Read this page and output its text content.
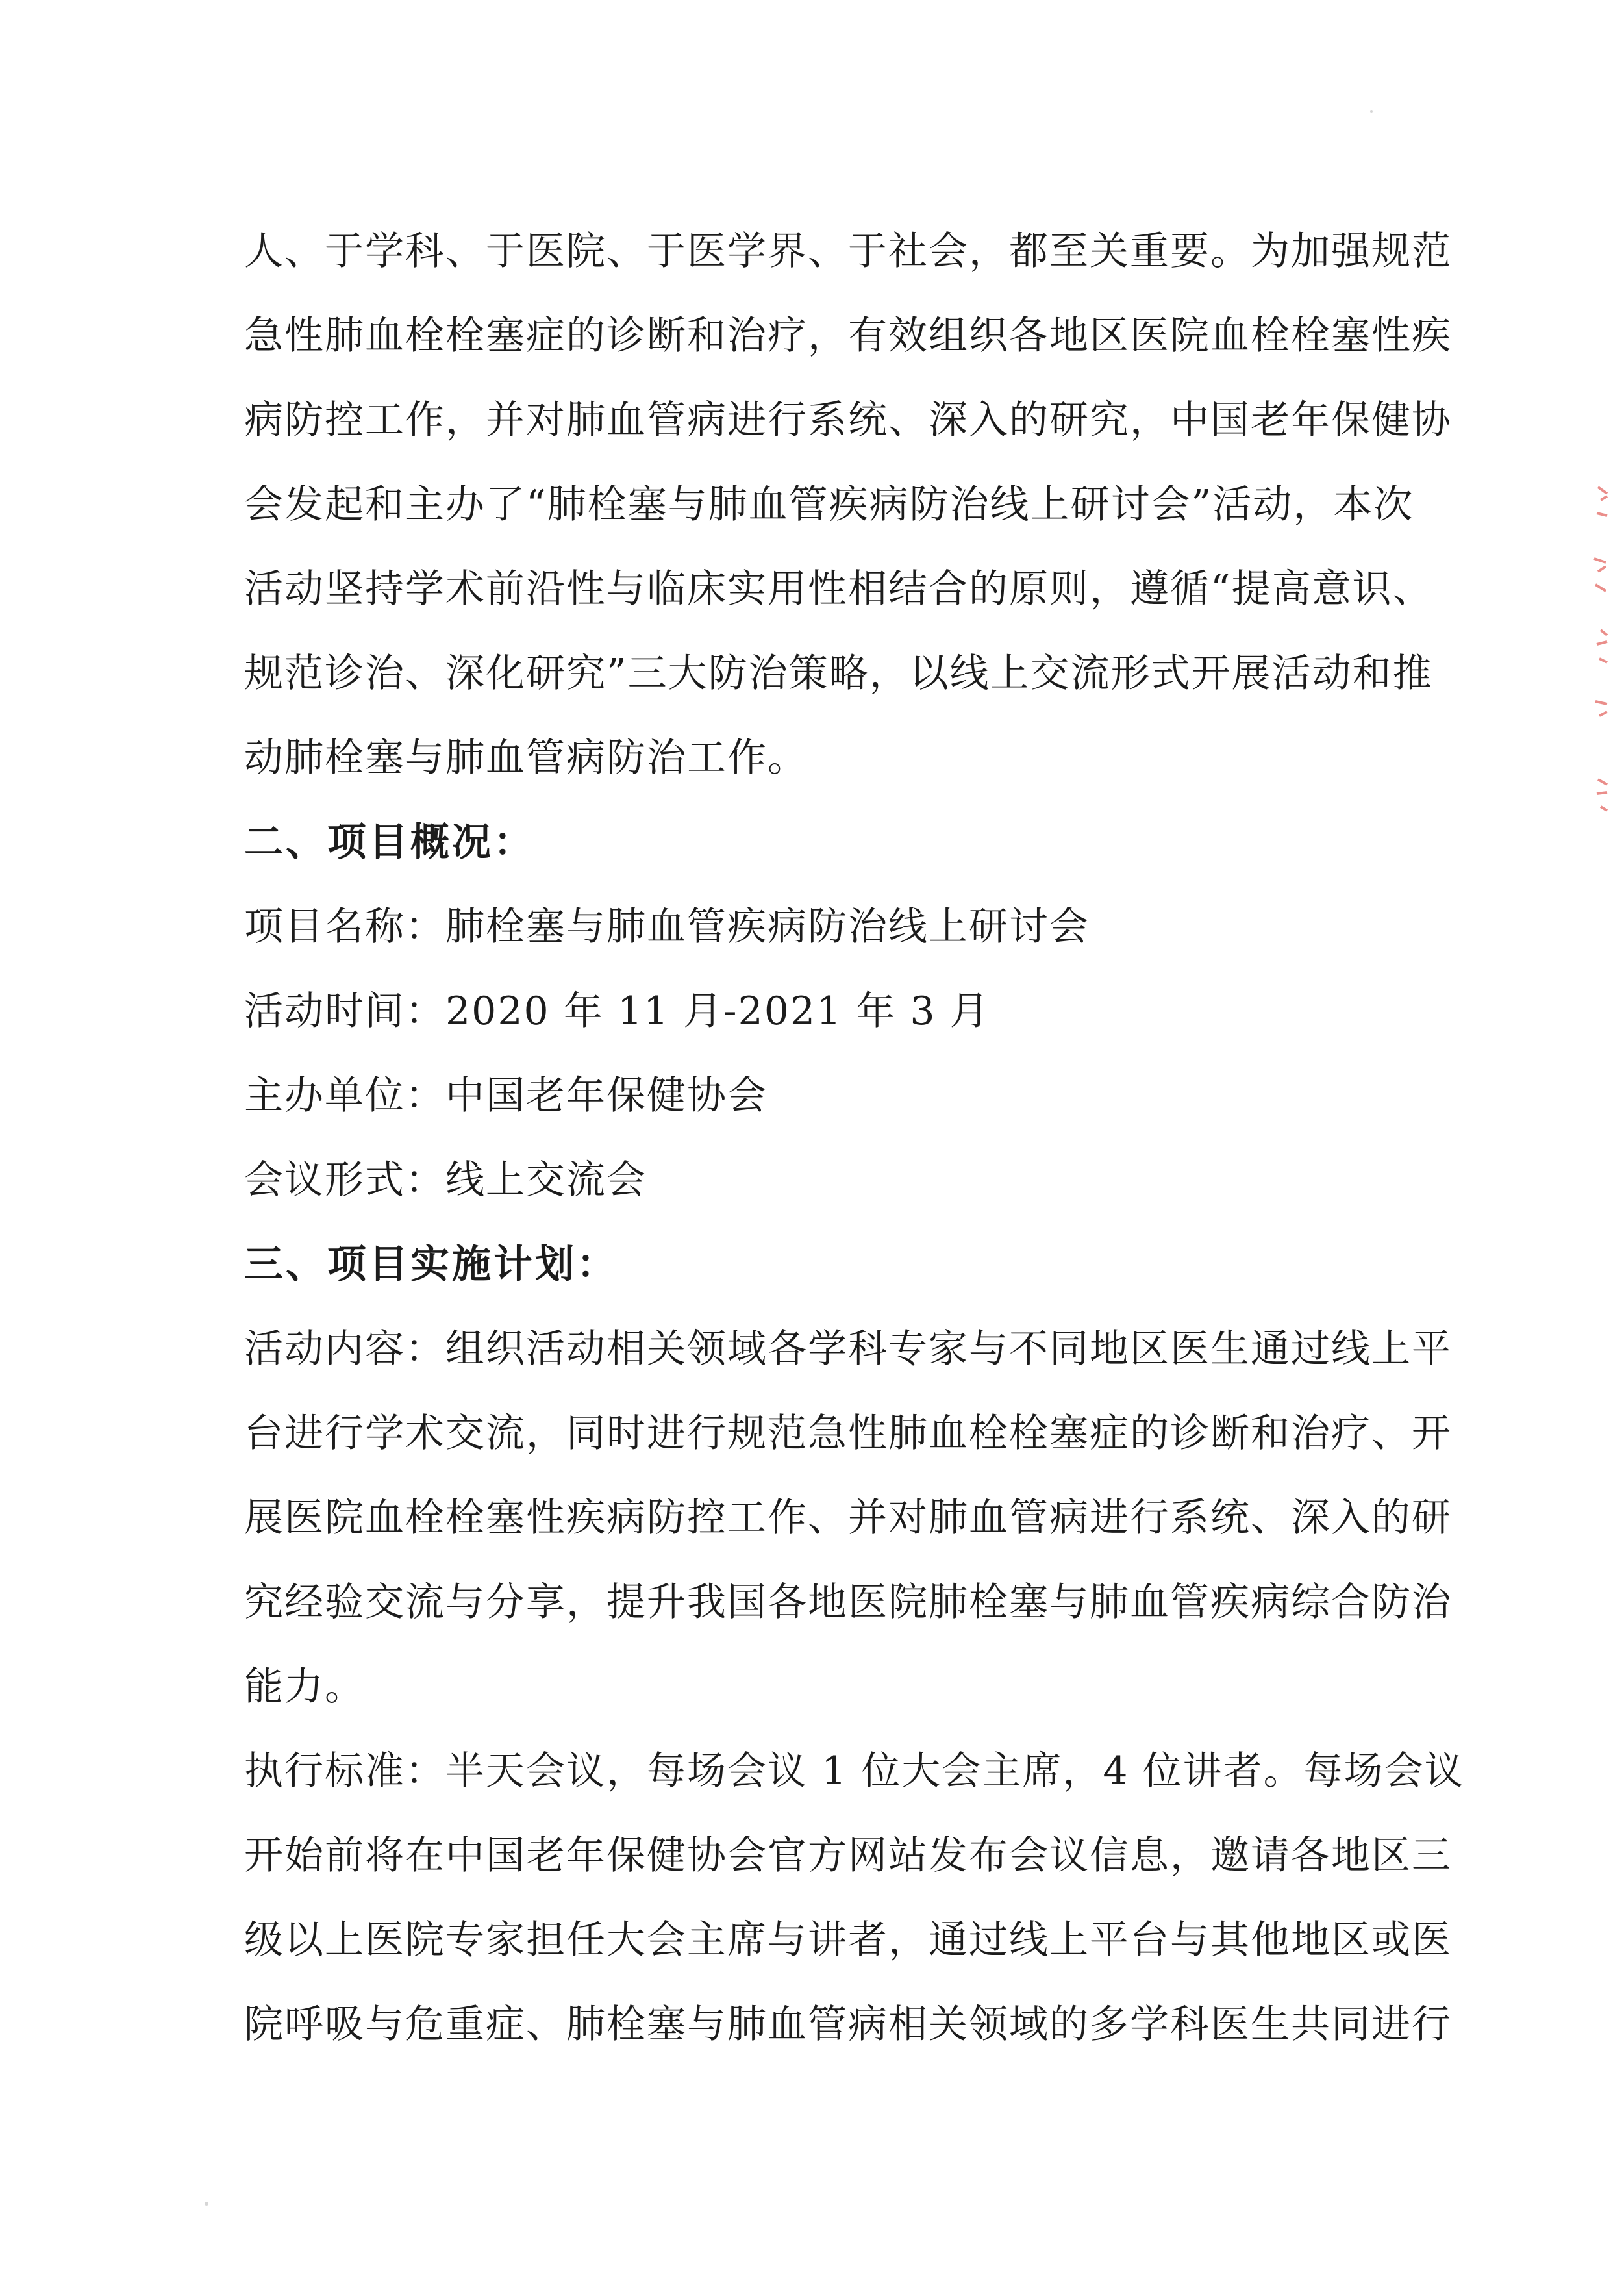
人、于学科、于医院、于医学界、于社会，都至关重要。为加强规范
急性肺血栓栓塞症的诊断和治疗，有效组织各地区医院血栓栓塞性疾
病防控工作，并对肺血管病进行系统、深入的研究，中国老年保健协
会发起和主办了“肺栓塞与肺血管疾病防治线上研讨会”活动，本次
活动坚持学术前沿性与临床实用性相结合的原则，遵循“提高意识、
规范诊治、深化研究”三大防治策略，以线上交流形式开展活动和推
动肺栓塞与肺血管病防治工作。
二、项目概况：
项目名称：肺栓塞与肺血管疾病防治线上研讨会
活动时间：2020 年 11 月-2021 年 3 月
主办单位：中国老年保健协会
会议形式：线上交流会
三、项目实施计划：
活动内容：组织活动相关领域各学科专家与不同地区医生通过线上平
台进行学术交流，同时进行规范急性肺血栓栓塞症的诊断和治疗、开
展医院血栓栓塞性疾病防控工作、并对肺血管病进行系统、深入的研
究经验交流与分享，提升我国各地医院肺栓塞与肺血管疾病综合防治
能力。
执行标准：半天会议，每场会议 1 位大会主席，4 位讲者。每场会议
开始前将在中国老年保健协会官方网站发布会议信息，邀请各地区三
级以上医院专家担任大会主席与讲者，通过线上平台与其他地区或医
院呼吸与危重症、肺栓塞与肺血管病相关领域的多学科医生共同进行
